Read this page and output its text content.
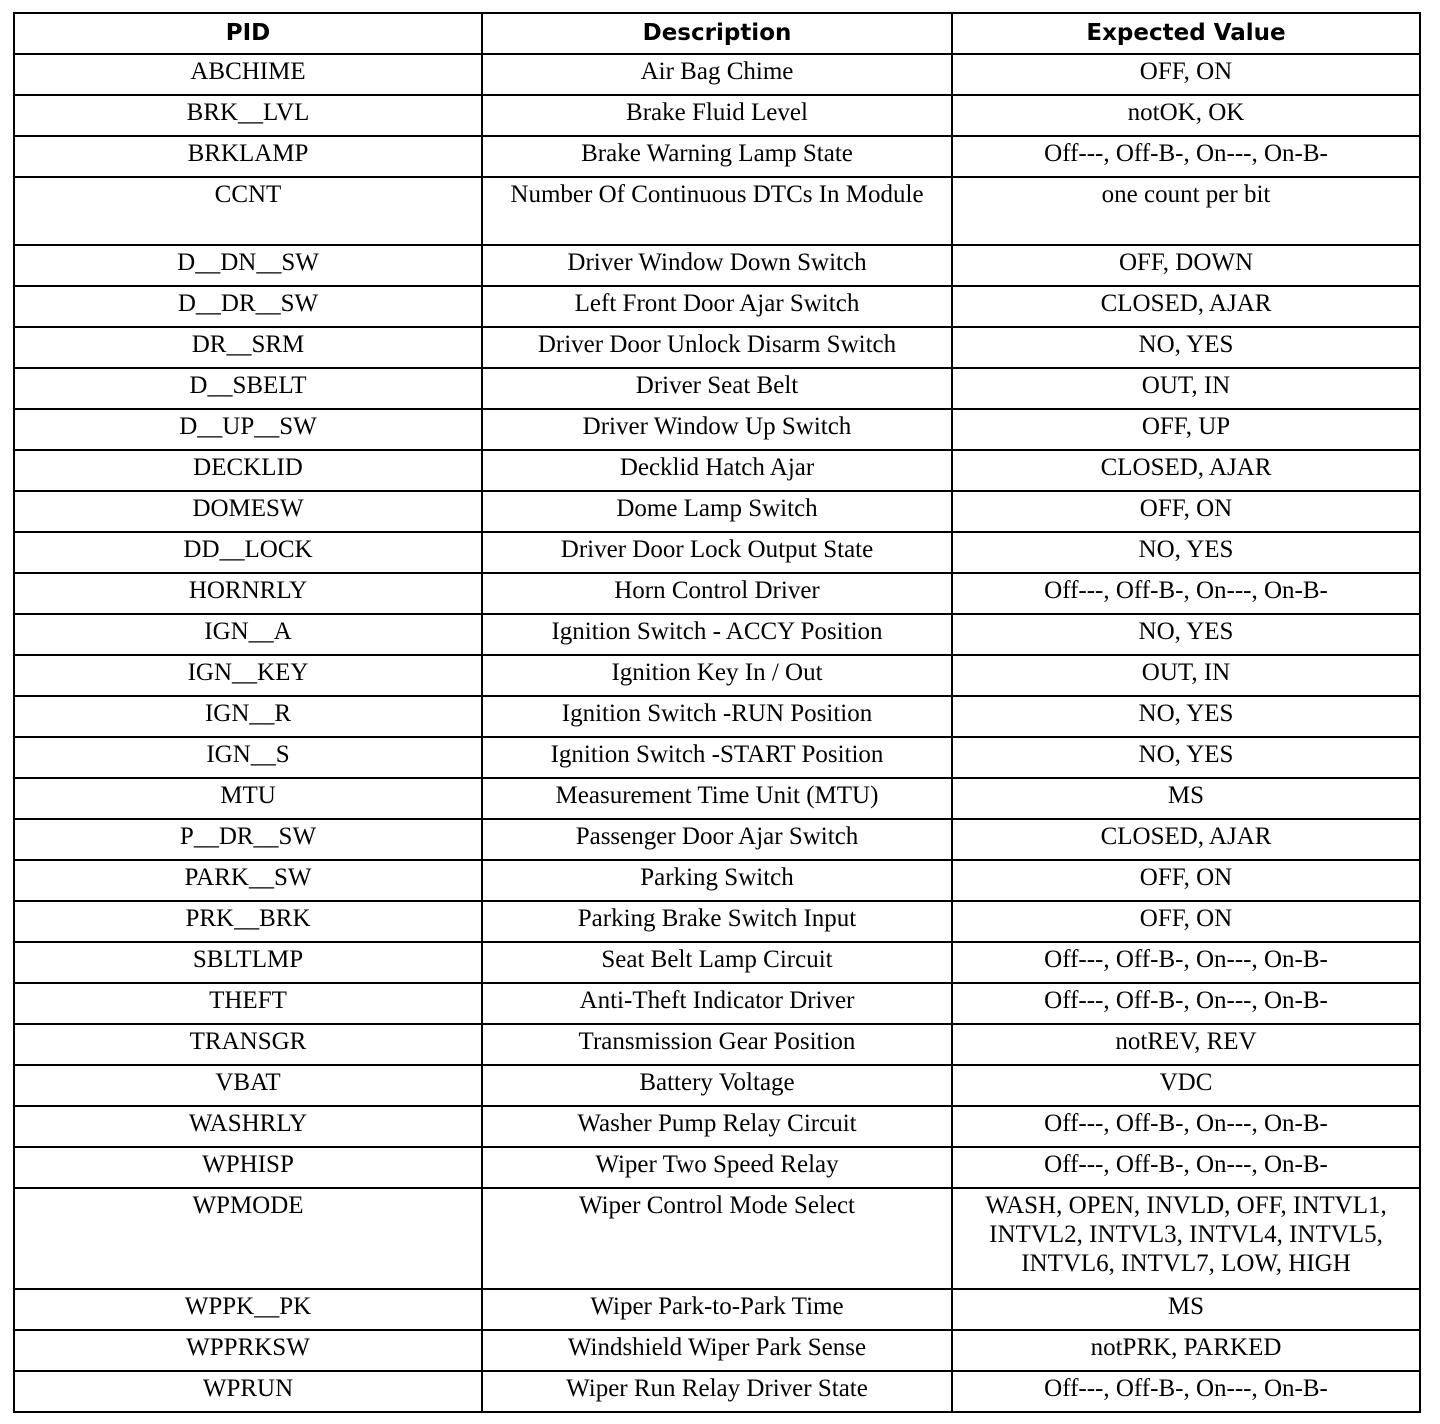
PID	Description	Expected Value
ABCHIME	Air Bag Chime	OFF, ON
BRK__LVL	Brake Fluid Level	notOK, OK
BRKLAMP	Brake Warning Lamp State	Off---, Off-B-, On---, On-B-
CCNT	Number Of Continuous DTCs In Module	one count per bit
D__DN__SW	Driver Window Down Switch	OFF, DOWN
D__DR__SW	Left Front Door Ajar Switch	CLOSED, AJAR
DR__SRM	Driver Door Unlock Disarm Switch	NO, YES
D__SBELT	Driver Seat Belt	OUT, IN
D__UP__SW	Driver Window Up Switch	OFF, UP
DECKLID	Decklid Hatch Ajar	CLOSED, AJAR
DOMESW	Dome Lamp Switch	OFF, ON
DD__LOCK	Driver Door Lock Output State	NO, YES
HORNRLY	Horn Control Driver	Off---, Off-B-, On---, On-B-
IGN__A	Ignition Switch - ACCY Position	NO, YES
IGN__KEY	Ignition Key In / Out	OUT, IN
IGN__R	Ignition Switch -RUN Position	NO, YES
IGN__S	Ignition Switch -START Position	NO, YES
MTU	Measurement Time Unit (MTU)	MS
P__DR__SW	Passenger Door Ajar Switch	CLOSED, AJAR
PARK__SW	Parking Switch	OFF, ON
PRK__BRK	Parking Brake Switch Input	OFF, ON
SBLTLMP	Seat Belt Lamp Circuit	Off---, Off-B-, On---, On-B-
THEFT	Anti-Theft Indicator Driver	Off---, Off-B-, On---, On-B-
TRANSGR	Transmission Gear Position	notREV, REV
VBAT	Battery Voltage	VDC
WASHRLY	Washer Pump Relay Circuit	Off---, Off-B-, On---, On-B-
WPHISP	Wiper Two Speed Relay	Off---, Off-B-, On---, On-B-
WPMODE	Wiper Control Mode Select	WASH, OPEN, INVLD, OFF, INTVL1, INTVL2, INTVL3, INTVL4, INTVL5, INTVL6, INTVL7, LOW, HIGH
WPPK__PK	Wiper Park-to-Park Time	MS
WPPRKSW	Windshield Wiper Park Sense	notPRK, PARKED
WPRUN	Wiper Run Relay Driver State	Off---, Off-B-, On---, On-B-
